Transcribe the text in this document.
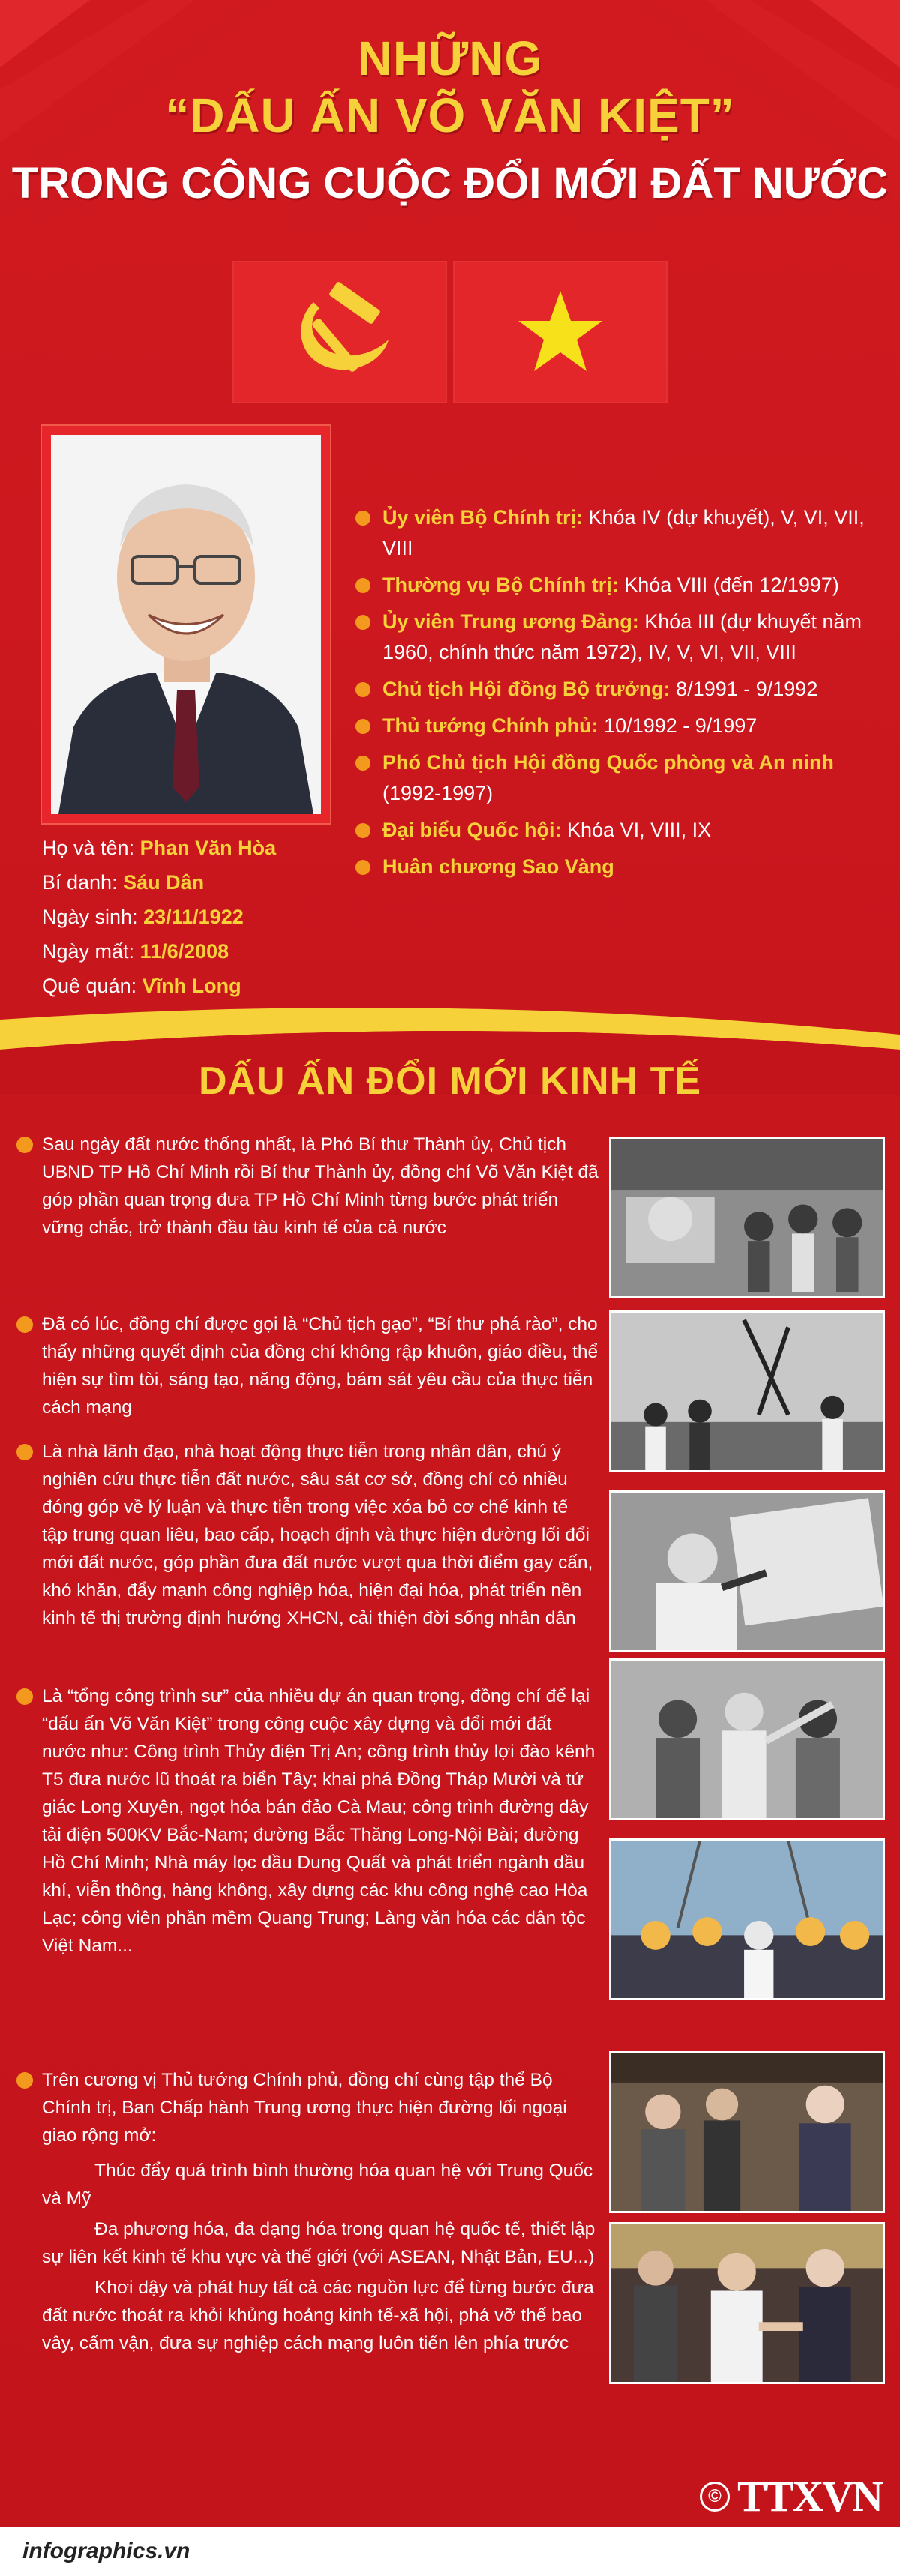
NHỮNG
“DẤU ẤN VÕ VĂN KIỆT”
TRONG CÔNG CUỘC ĐỔI MỚI ĐẤT NƯỚC
Họ và tên: Phan Văn Hòa
Bí danh: Sáu Dân
Ngày sinh: 23/11/1922
Ngày mất: 11/6/2008
Quê quán: Vĩnh Long
Ủy viên Bộ Chính trị: Khóa IV (dự khuyết), V, VI, VII, VIII
Thường vụ Bộ Chính trị: Khóa VIII (đến 12/1997)
Ủy viên Trung ương Đảng: Khóa III (dự khuyết năm 1960, chính thức năm 1972), IV, V, VI, VII, VIII
Chủ tịch Hội đồng Bộ trưởng: 8/1991 - 9/1992
Thủ tướng Chính phủ: 10/1992 - 9/1997
Phó Chủ tịch Hội đồng Quốc phòng và An ninh (1992-1997)
Đại biểu Quốc hội: Khóa VI, VIII, IX
Huân chương Sao Vàng
DẤU ẤN ĐỔI MỚI KINH TẾ

Sau ngày đất nước thống nhất, là Phó Bí thư Thành ủy, Chủ tịch UBND TP Hồ Chí Minh rồi Bí thư Thành ủy, đồng chí Võ Văn Kiệt đã góp phần quan trọng đưa TP Hồ Chí Minh từng bước phát triển vững chắc, trở thành đầu tàu kinh tế của cả nước

Đã có lúc, đồng chí được gọi là “Chủ tịch gạo”, “Bí thư phá rào”, cho thấy những quyết định của đồng chí không rập khuôn, giáo điều, thể hiện sự tìm tòi, sáng tạo, năng động, bám sát yêu cầu của thực tiễn cách mạng

Là nhà lãnh đạo, nhà hoạt động thực tiễn trong nhân dân, chú ý nghiên cứu thực tiễn đất nước, sâu sát cơ sở, đồng chí có nhiều đóng góp về lý luận và thực tiễn trong việc xóa bỏ cơ chế kinh tế tập trung quan liêu, bao cấp, hoạch định và thực hiện đường lối đổi mới đất nước, góp phần đưa đất nước vượt qua thời điểm gay cấn, khó khăn, đẩy mạnh công nghiệp hóa, hiện đại hóa, phát triển nền kinh tế thị trường định hướng XHCN, cải thiện đời sống nhân dân

Là “tổng công trình sư” của nhiều dự án quan trọng, đồng chí để lại “dấu ấn Võ Văn Kiệt” trong công cuộc xây dựng và đổi mới đất nước như: Công trình Thủy điện Trị An; công trình thủy lợi đào kênh T5 đưa nước lũ thoát ra biển Tây; khai phá Đồng Tháp Mười và tứ giác Long Xuyên, ngọt hóa bán đảo Cà Mau; công trình đường dây tải điện 500KV Bắc-Nam; đường Bắc Thăng Long-Nội Bài; đường Hồ Chí Minh; Nhà máy lọc dầu Dung Quất và phát triển ngành dầu khí, viễn thông, hàng không, xây dựng các khu công nghệ cao Hòa Lạc; công viên phần mềm Quang Trung; Làng văn hóa các dân tộc Việt Nam...

Trên cương vị Thủ tướng Chính phủ, đồng chí cùng tập thể Bộ Chính trị, Ban Chấp hành Trung ương thực hiện đường lối ngoại giao rộng mở:

Thúc đẩy quá trình bình thường hóa quan hệ với Trung Quốc và Mỹ

Đa phương hóa, đa dạng hóa trong quan hệ quốc tế, thiết lập sự liên kết kinh tế khu vực và thế giới (với ASEAN, Nhật Bản, EU...)

Khơi dậy và phát huy tất cả các nguồn lực để từng bước đưa đất nước thoát ra khỏi khủng hoảng kinh tế-xã hội, phá vỡ thế bao vây, cấm vận, đưa sự nghiệp cách mạng luôn tiến lên phía trước

© TTXVN
infographics.vn
